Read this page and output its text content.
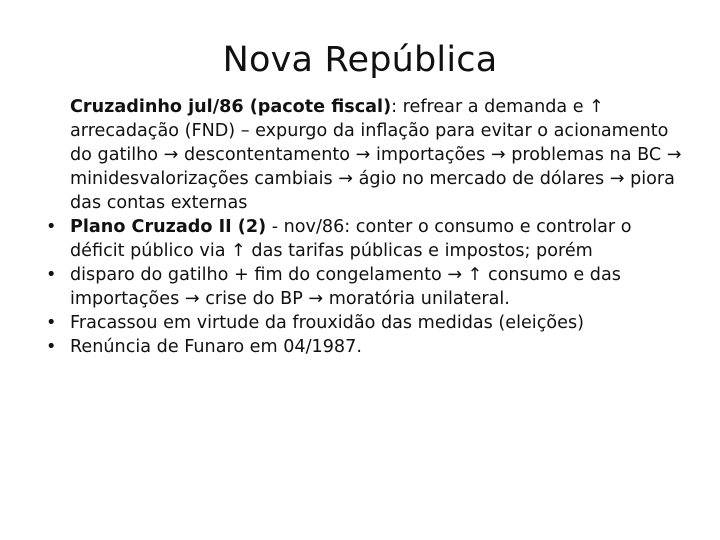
Nova República

Cruzadinho jul/86 (pacote fiscal): refrear a demanda e ↑ arrecadação (FND) – expurgo da inflação para evitar o acionamento do gatilho → descontentamento → importações → problemas na BC → minidesvalorizações cambiais → ágio no mercado de dólares → piora das contas externas

• Plano Cruzado II (2) - nov/86: conter o consumo e controlar o déficit público via ↑ das tarifas públicas e impostos; porém

• disparo do gatilho + fim do congelamento → ↑ consumo e das importações → crise do BP → moratória unilateral.

• Fracassou em virtude da frouxidão das medidas (eleições)

• Renúncia de Funaro em 04/1987.
